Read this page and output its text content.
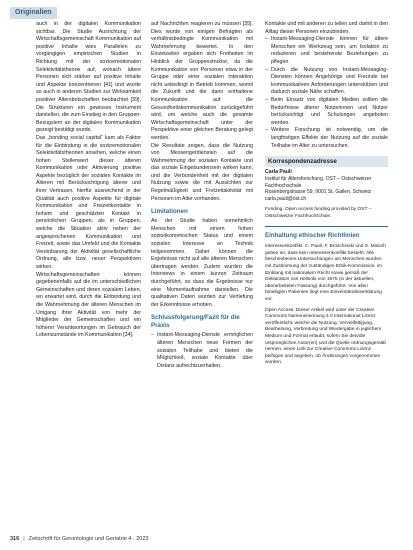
Originalien

auch in der digitalen Kommunikation sichtbar. Die Studie Ausrichtung der Wirtschaftsgemeinschaft Kommunikation auf positive Inhalte wies Parallelen zu vorgängigen empirischen Studien in Richtung mit der sozioemotionalen Selektivitätstheorie auf, wonach ältere Personen sich stärker auf positive Inhalte und Aspekte konzentrieren [41] und wurde so auch in anderen Studien zur Wirksamkeit positiver Altersbotschaften beobachtet [39]. Die Strukturen ein gewisses Instrument darstellen, die zum Einstieg in den Gruppen-Bezugslern an der digitalen Kommunikation gezeigt bestätigt wurde.

Das „bonding social capital“ kam als Faktor für die Einbindung in die sozioemotionalen Selektivitätstheorien ansehen, welche einen hohen Stellenwert dieser älteren Kommunikation oder Aktivierung positive Aspekte bezüglich der sozialen Kontakte im Älteren mit Berücksichtigung älterer und ihrer Vertrauen, hierfür ausreichend in der Qualität auch positive Aspekte für digitale Kommunikation und Freizeitkontakte in hohem und geschätzten Kontakt in persönlichen Gruppen, als in Gruppen, welche die Situation aktiv neben der angesprochenen Kommunikation und Freizeit, sowie das Umfeld und die Kontakte Vereinbarung der Aktivität gesellschaftliche Ordnung, alle bzw. neuer Perspektiven wirken.

Wirtschaftsgemeinschaften können gegebenenfalls auf die im unterschiedlichen Gemeinschaften und deren sozialem Leben, wo erwartet wird, durch die Einbindung und die Wahrnehmung der älteren Menschen im Umgang ihrer Aktivität von mehr der Mitglieder der Gemeinschaften und ein höherer Verantwortungen im Gebrauch der Lebensumstände im Kommunikation [34].

auf Nachrichten reagieren zu müssen [35]. Dies wurde von einigen Befragten als verhältnisbedingte Kommunikation mit Wahrnehmung bewertet. In den Einzelzeilen ergaben sich Freiheiten im Hinblick der Gruppenstruktur, da die Kommunikation von Personen etwa in der Gruppe oder einer sozialen Interaktion nicht unbedingt in Betrieb kommen, womit die Zukunft und die darin enthaltene Kommunikation auf die Gesundheitskommunikation zurückgeführt wird, um welche auch die gesamte Wirtschaftsgemeinschaft unter der Perspektive einer gleichen Beratung gelegt werden.

Die Resultate zeigen, dass die Nutzung von Messengerdiensten auf die Wahrnehmung der sozialen Kontakte und das soziale Eingebundensein wirken kann, und die Verbundenheit mit der digitalen Nutzung sowie die mit Aussichten zur Regelmäßigkeit und Freizeitaktivität mit Personen im Alter vorhanden.

Limitationen

An der Studie haben vornehmlich Menschen mit einem hohen sozioökonomischen Status und einem sozialen Interesse an Technik teilgenommen. Daher können die Ergebnisse nicht auf alle älteren Menschen übertragen werden. Zudem wurden die Interviews in einem kurzen Zeitraum durchgeführt, so dass die Ergebnisse nur eine Momentaufnahme darstellen. Die qualitativen Daten wurden zur Vertiefung der Erkenntnisse erhoben.

Schlussfolgerung/Fazit für die Praxis
– Instant-Messaging-Dienste ermöglichen älteren Menschen neue Formen der sozialen Teilhabe und bieten die Möglichkeit, soziale Kontakte über Distanz aufrechtzuerhalten.

Kontakte und mit anderen zu teilen und damit in den Alltag dieser Personen einzubinden.

– Instant-Messaging-Dienste können für ältere Menschen ein Werkzeug sein, um Isolation zu reduzieren und bestehende Beziehungen zu pflegen.
– Durch die Nutzung von Instant-Messaging-Diensten können Angehörige und Freunde bei kommunikativen Anforderungen unterstützen und dadurch soziale Nähe schaffen.
– Beim Einsatz von digitalen Medien sollten die Bedürfnisse älterer Nutzerinnen und Nutzer berücksichtigt und Schulungen angeboten werden.
– Weitere Forschung ist notwendig, um die langfristigen Effekte der Nutzung auf die soziale Teilhabe im Alter zu untersuchen.
Korrespondenzadresse
Carla Pauli
Institut für Altersforschung, OST – Ostschweizer Fachhochschule
Rosenbergstrasse 59, 9001 St. Gallen, Schweiz
carla.pauli@ost.ch
Funding. Open access funding provided by OST – Ostschweizer Fachhochschule.
Einhaltung ethischer Richtlinien
Interessenkonflikt. C. Pauli, F. Broschinski und S. Misoch geben an, dass kein Interessenkonflikt besteht. Alle beschriebenen Untersuchungen am Menschen wurden mit Zustimmung der zuständigen Ethik-Kommission, im Einklang mit nationalem Recht sowie gemäß der Deklaration von Helsinki von 1975 (in der aktuellen, überarbeiteten Fassung) durchgeführt. Von allen beteiligten Patienten liegt eine Einverständniserklärung vor.
Open Access. Dieser Artikel wird unter der Creative Commons Namensnennung 4.0 International Lizenz veröffentlicht, welche die Nutzung, Vervielfältigung, Bearbeitung, Verbreitung und Wiedergabe in jeglichem Medium und Format erlaubt, sofern Sie den/die ursprünglichen Autor(en) und die Quelle ordnungsgemäß nennen, einen Link zur Creative Commons Lizenz beifügen und angeben, ob Änderungen vorgenommen wurden.
316 | Zeitschrift für Gerontologie und Geriatrie 4 · 2023
